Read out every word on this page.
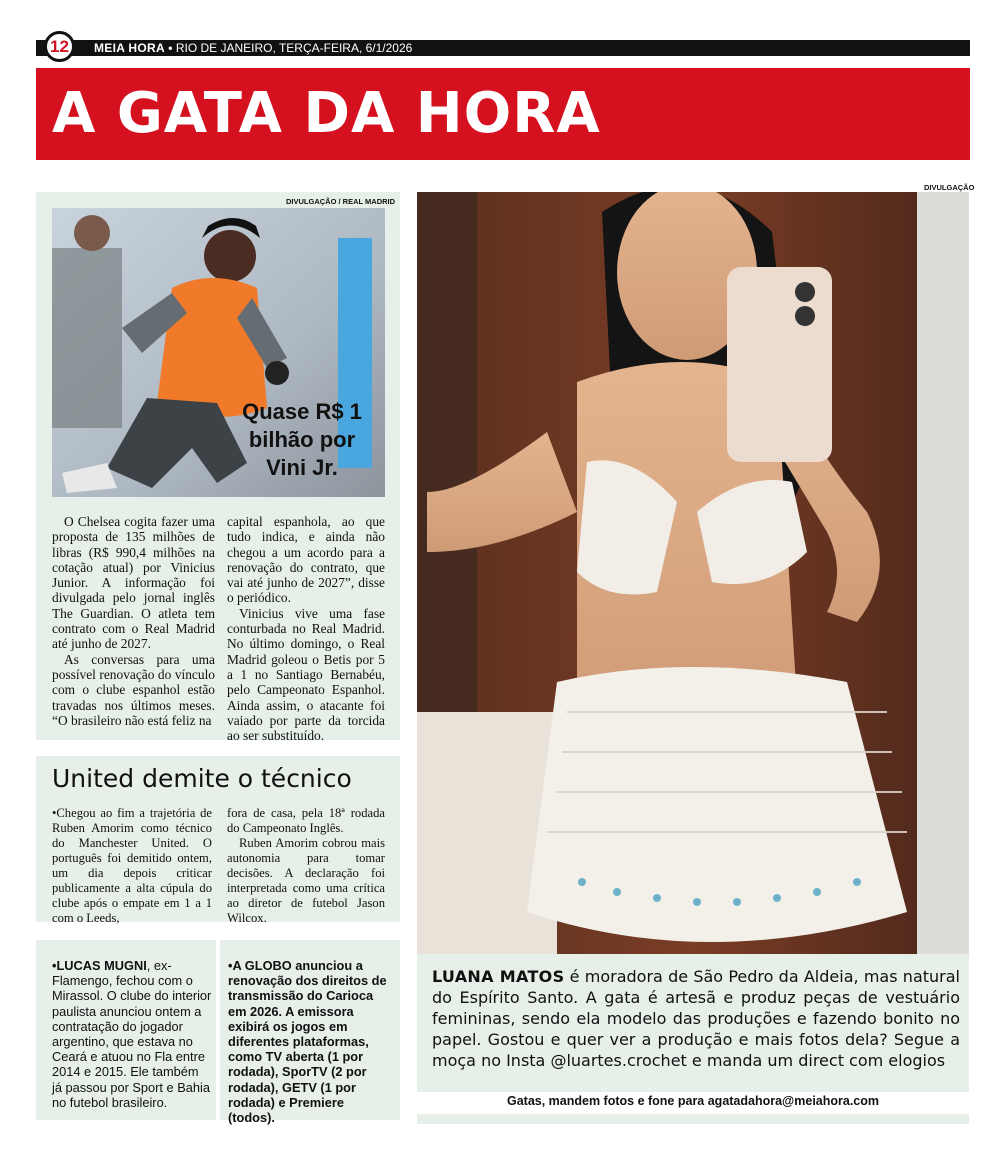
12	MEIA HORA • RIO DE JANEIRO, TERÇA-FEIRA, 6/1/2026
A GATA DA HORA
DIVULGAÇÃO / REAL MADRID
Quase R$ 1 bilhão por Vini Jr.

O Chelsea cogita fazer uma proposta de 135 milhões de libras (R$ 990,4 milhões na cotação atual) por Vinicius Junior. A informação foi divulgada pelo jornal inglês The Guardian. O atleta tem contrato com o Real Madrid até junho de 2027.

As conversas para uma possível renovação do vínculo com o clube espanhol estão travadas nos últimos meses. “O brasileiro não está feliz na

capital espanhola, ao que tudo indica, e ainda não chegou a um acordo para a renovação do contrato, que vai até junho de 2027”, disse o periódico.

Vinicius vive uma fase conturbada no Real Madrid. No último domingo, o Real Madrid goleou o Betis por 5 a 1 no Santiago Bernabéu, pelo Campeonato Espanhol. Ainda assim, o atacante foi vaiado por parte da torcida ao ser substituído.

United demite o técnico

•Chegou ao fim a trajetória de Ruben Amorim como técnico do Manchester United. O português foi demitido ontem, um dia depois criticar publicamente a alta cúpula do clube após o empate em 1 a 1 com o Leeds,

fora de casa, pela 18ª rodada do Campeonato Inglês.

Ruben Amorim cobrou mais autonomia para tomar decisões. A declaração foi interpretada como uma crítica ao diretor de futebol Jason Wilcox.

•LUCAS MUGNI, ex-Flamengo, fechou com o Mirassol. O clube do interior paulista anunciou ontem a contratação do jogador argentino, que estava no Ceará e atuou no Fla entre 2014 e 2015. Ele também já passou por Sport e Bahia no futebol brasileiro.

•A GLOBO anunciou a renovação dos direitos de transmissão do Carioca em 2026. A emissora exibirá os jogos em diferentes plataformas, como TV aberta (1 por rodada), SporTV (2 por rodada), GETV (1 por rodada) e Premiere (todos).

DIVULGAÇÃO
LUANA MATOS é moradora de São Pedro da Aldeia, mas natural do Espírito Santo. A gata é artesã e produz peças de vestuário femininas, sendo ela modelo das produções e fazendo bonito no papel. Gostou e quer ver a produção e mais fotos dela? Segue a moça no Insta @luartes.crochet e manda um direct com elogios
Gatas, mandem fotos e fone para agatadahora@meiahora.com
